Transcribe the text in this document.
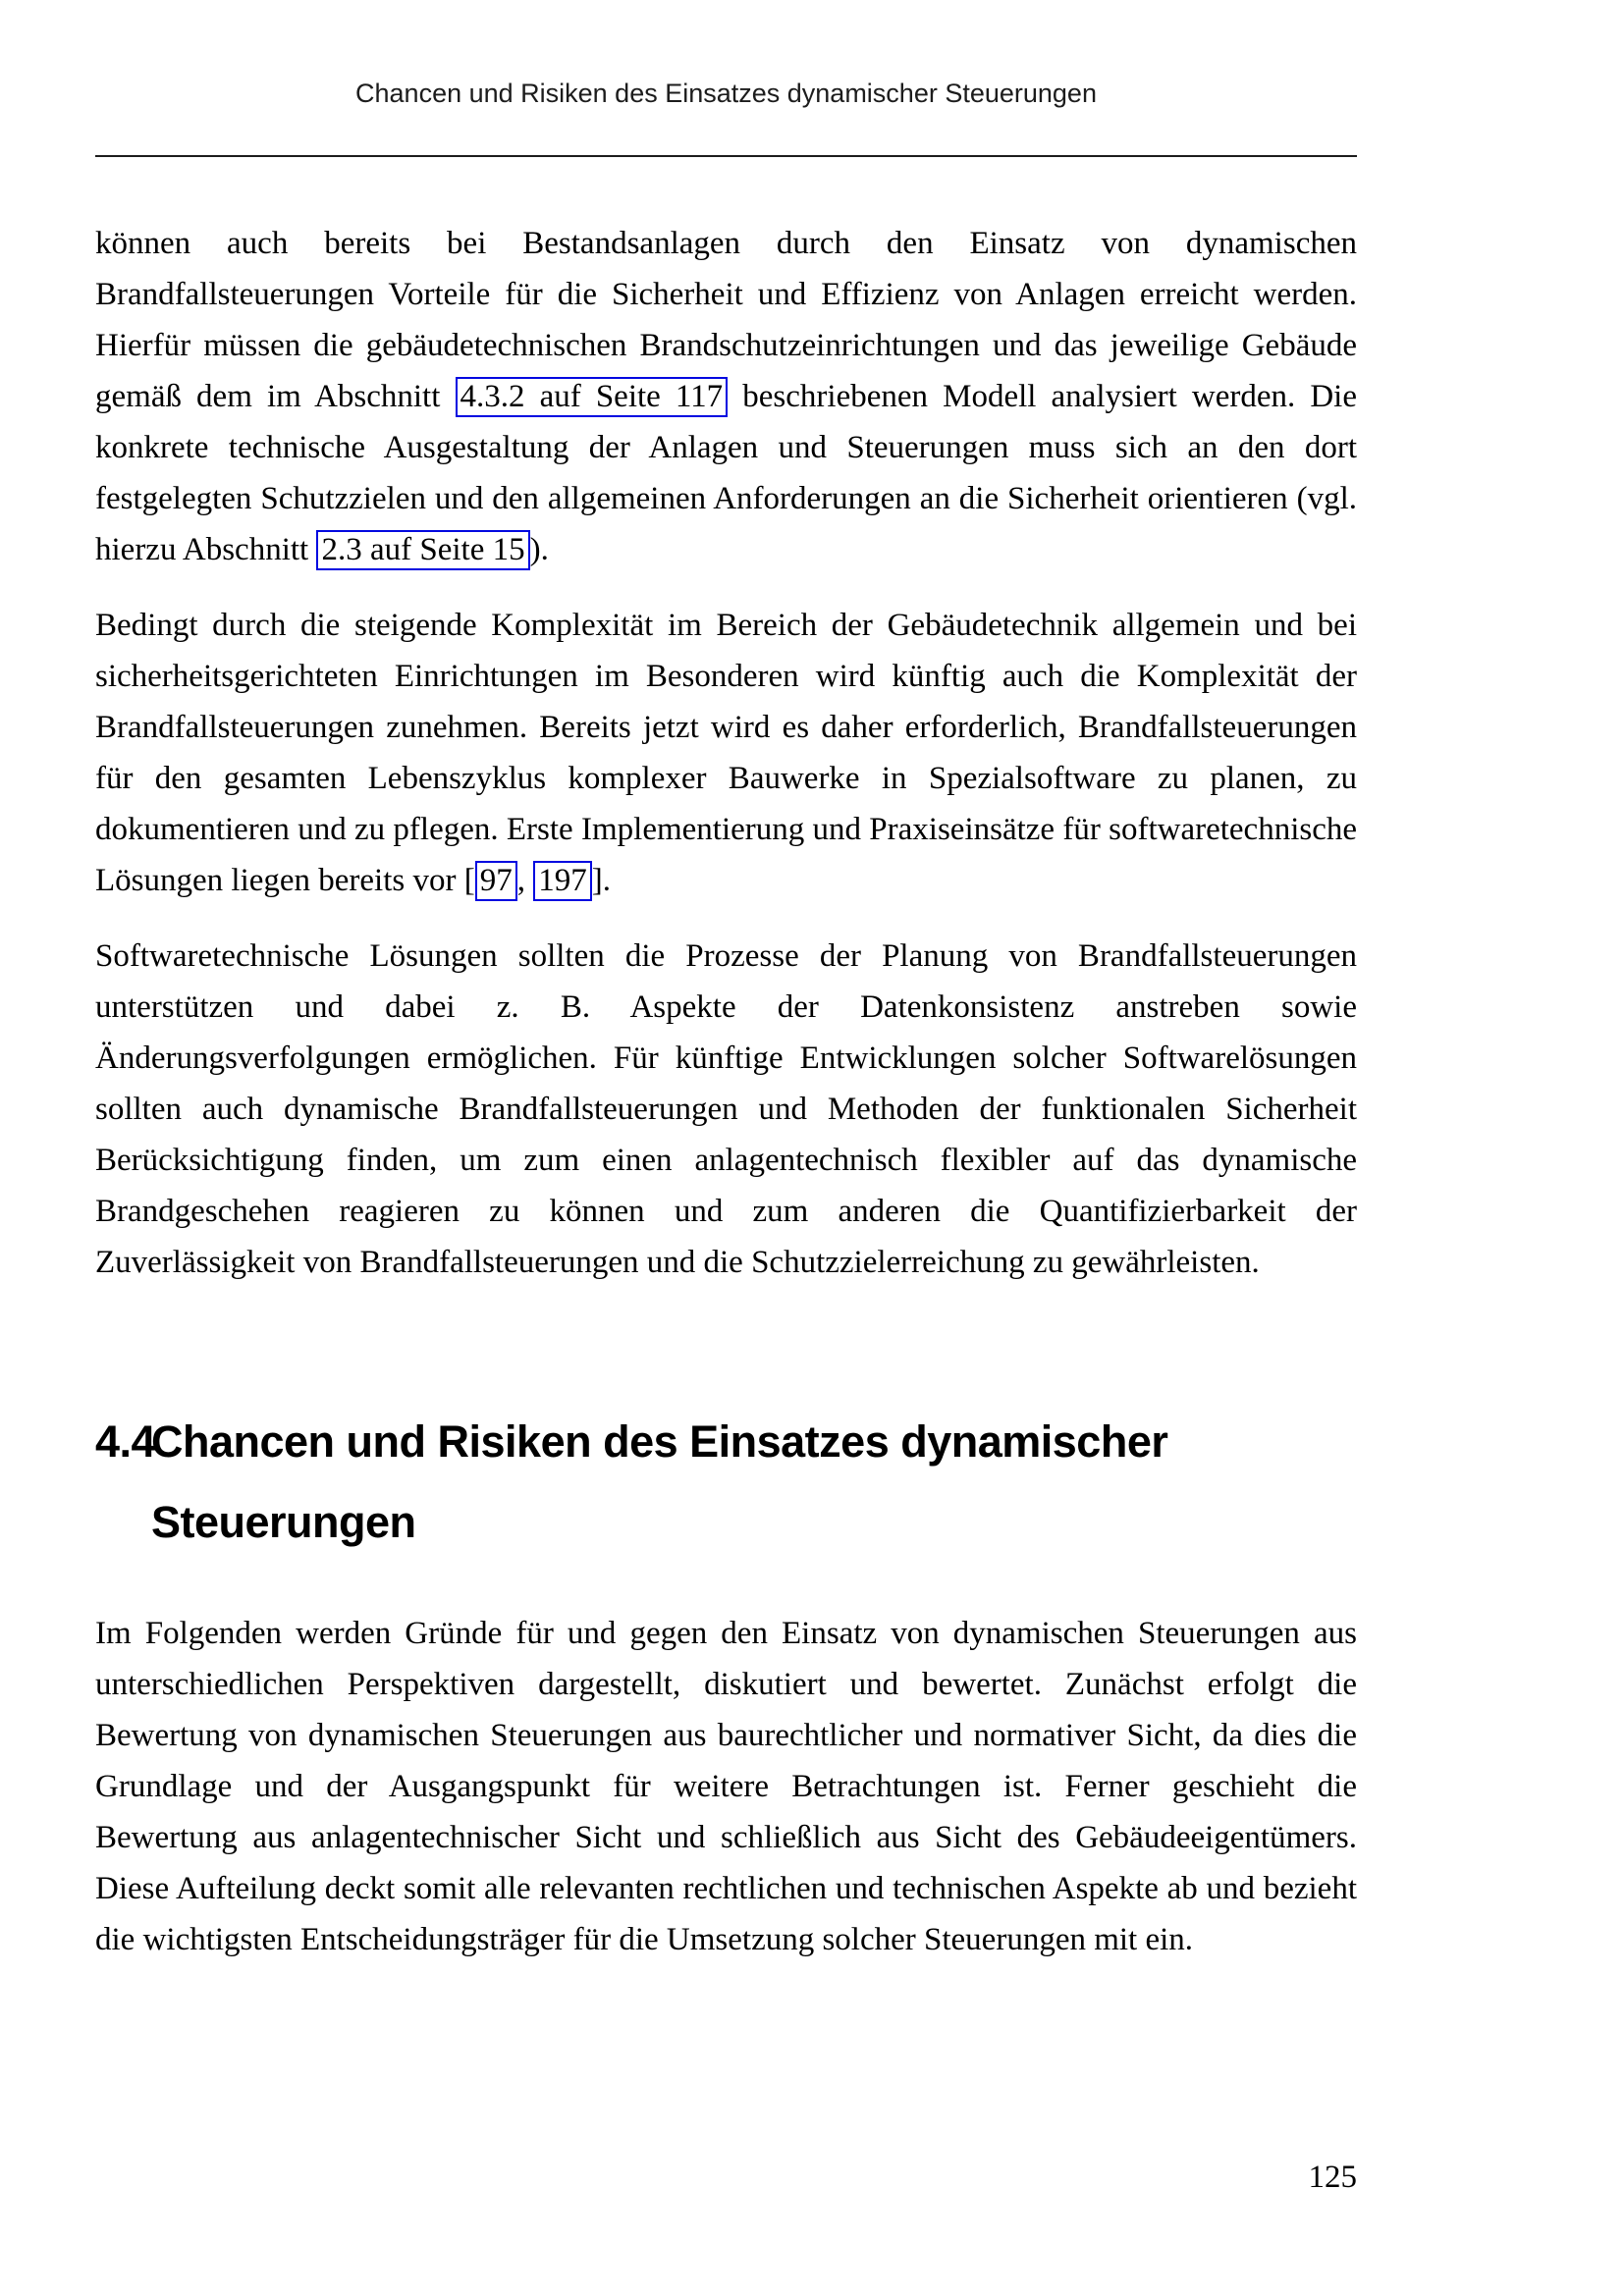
Chancen und Risiken des Einsatzes dynamischer Steuerungen

können auch bereits bei Bestandsanlagen durch den Einsatz von dynamischen Brandfallsteuerungen Vorteile für die Sicherheit und Effizienz von Anlagen erreicht werden. Hierfür müssen die gebäudetechnischen Brandschutzeinrichtungen und das jeweilige Gebäude gemäß dem im Abschnitt 4.3.2 auf Seite 117 beschriebenen Modell analysiert werden. Die konkrete technische Ausgestaltung der Anlagen und Steuerungen muss sich an den dort festgelegten Schutzzielen und den allgemeinen Anforderungen an die Sicherheit orientieren (vgl. hierzu Abschnitt 2.3 auf Seite 15 ).

Bedingt durch die steigende Komplexität im Bereich der Gebäudetechnik allgemein und bei sicherheitsgerichteten Einrichtungen im Besonderen wird künftig auch die Komplexität der Brandfallsteuerungen zunehmen. Bereits jetzt wird es daher erforderlich, Brandfallsteuerungen für den gesamten Lebenszyklus komplexer Bauwerke in Spezialsoftware zu planen, zu dokumentieren und zu pflegen. Erste Implementierung und Praxiseinsätze für softwaretechnische Lösungen liegen bereits vor [ 97 , 197 ].

Softwaretechnische Lösungen sollten die Prozesse der Planung von Brandfallsteuerungen unterstützen und dabei z. B. Aspekte der Datenkonsistenz anstreben sowie Änderungsverfolgungen ermöglichen. Für künftige Entwicklungen solcher Softwarelösungen sollten auch dynamische Brandfallsteuerungen und Methoden der funktionalen Sicherheit Berücksichtigung finden, um zum einen anlagentechnisch flexibler auf das dynamische Brandgeschehen reagieren zu können und zum anderen die Quantifizierbarkeit der Zuverlässigkeit von Brandfallsteuerungen und die Schutzzielerreichung zu gewährleisten.

4.4
Chancen und Risiken des Einsatzes dynamischer Steuerungen

Im Folgenden werden Gründe für und gegen den Einsatz von dynamischen Steuerungen aus unterschiedlichen Perspektiven dargestellt, diskutiert und bewertet. Zunächst erfolgt die Bewertung von dynamischen Steuerungen aus baurechtlicher und normativer Sicht, da dies die Grundlage und der Ausgangspunkt für weitere Betrachtungen ist. Ferner geschieht die Bewertung aus anlagentechnischer Sicht und schließlich aus Sicht des Gebäudeeigentümers. Diese Aufteilung deckt somit alle relevanten rechtlichen und technischen Aspekte ab und bezieht die wichtigsten Entscheidungsträger für die Umsetzung solcher Steuerungen mit ein.

125
